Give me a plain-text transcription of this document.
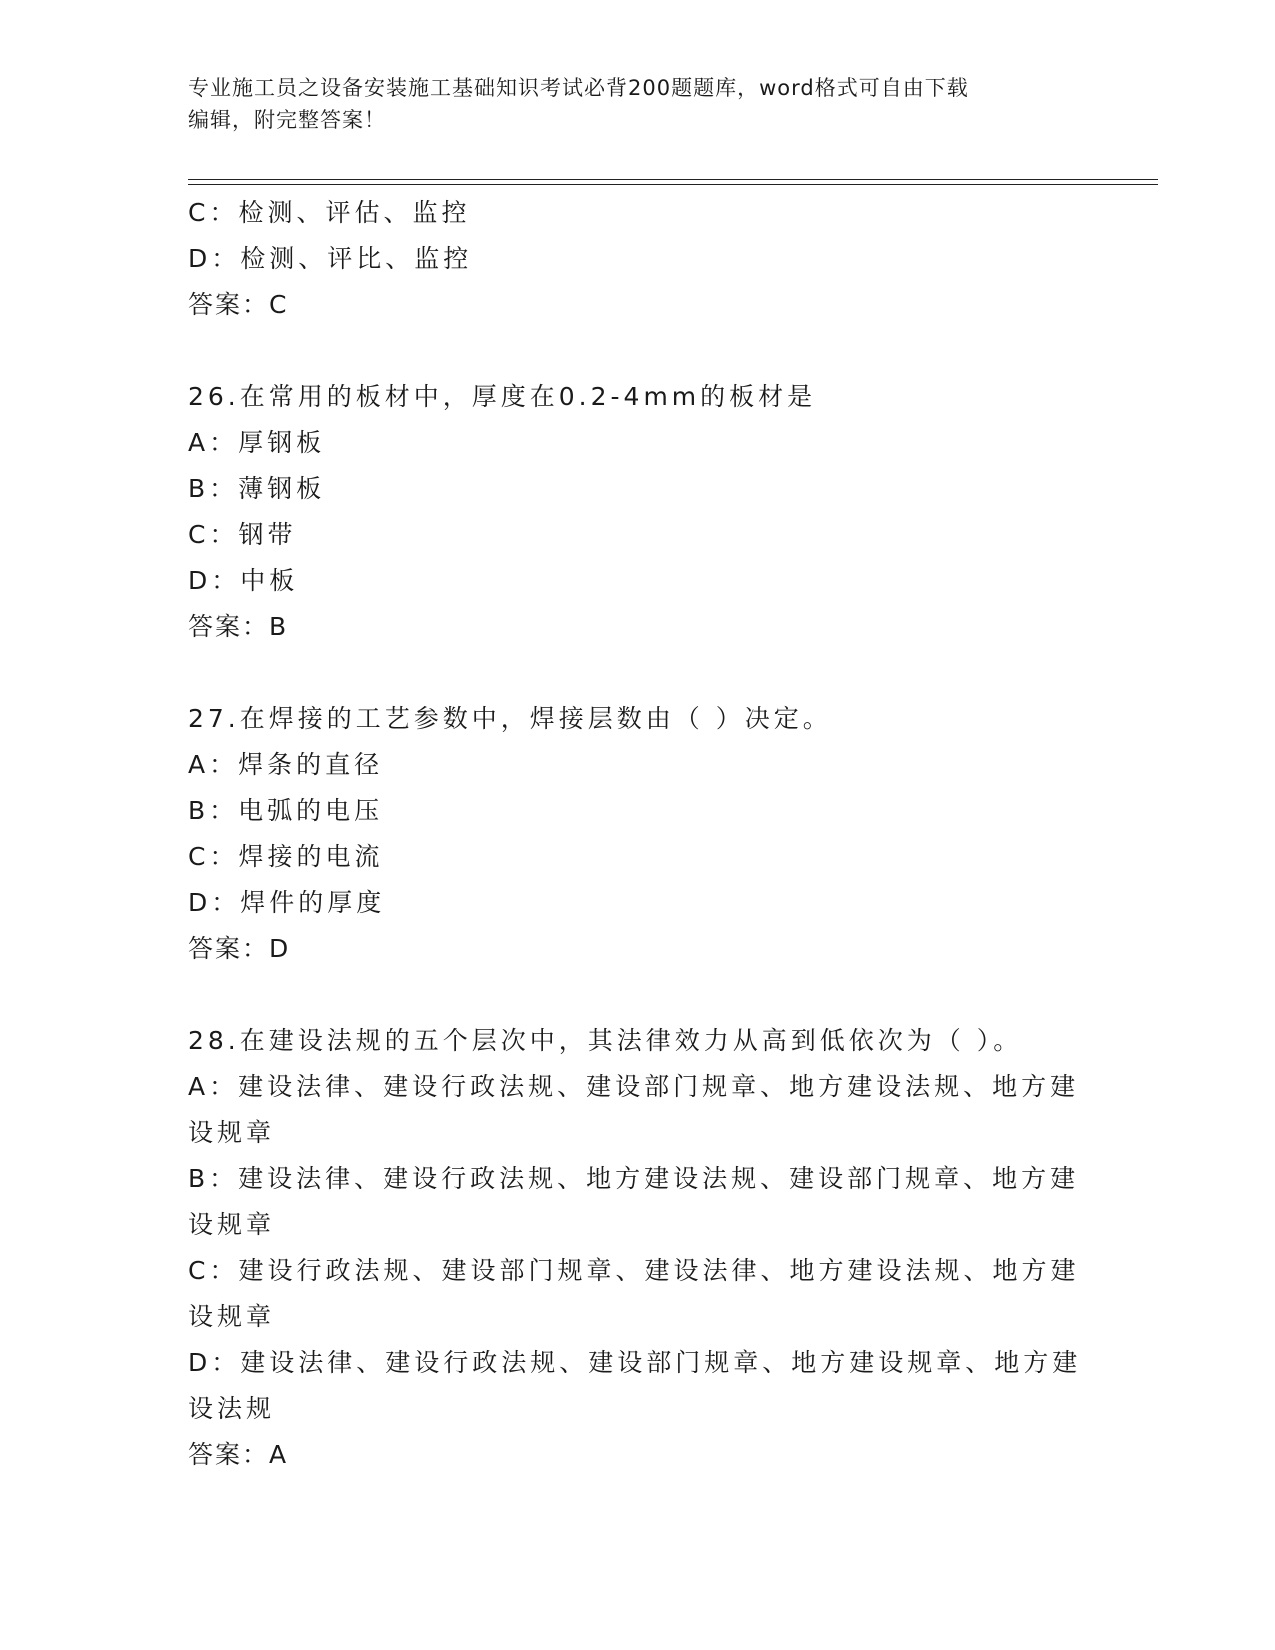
专业施工员之设备安装施工基础知识考试必背200题题库，word格式可自由下载
编辑，附完整答案！
C：检测、评估、监控
D：检测、评比、监控
答案：C
26.在常用的板材中，厚度在0.2-4mm的板材是
A：厚钢板
B：薄钢板
C：钢带
D：中板
答案：B
27.在焊接的工艺参数中，焊接层数由（ ）决定。
A：焊条的直径
B：电弧的电压
C：焊接的电流
D：焊件的厚度
答案：D
28.在建设法规的五个层次中，其法律效力从高到低依次为（ ）。
A：建设法律、建设行政法规、建设部门规章、地方建设法规、地方建设规章
B：建设法律、建设行政法规、地方建设法规、建设部门规章、地方建设规章
C：建设行政法规、建设部门规章、建设法律、地方建设法规、地方建设规章
D：建设法律、建设行政法规、建设部门规章、地方建设规章、地方建设法规
答案：A
